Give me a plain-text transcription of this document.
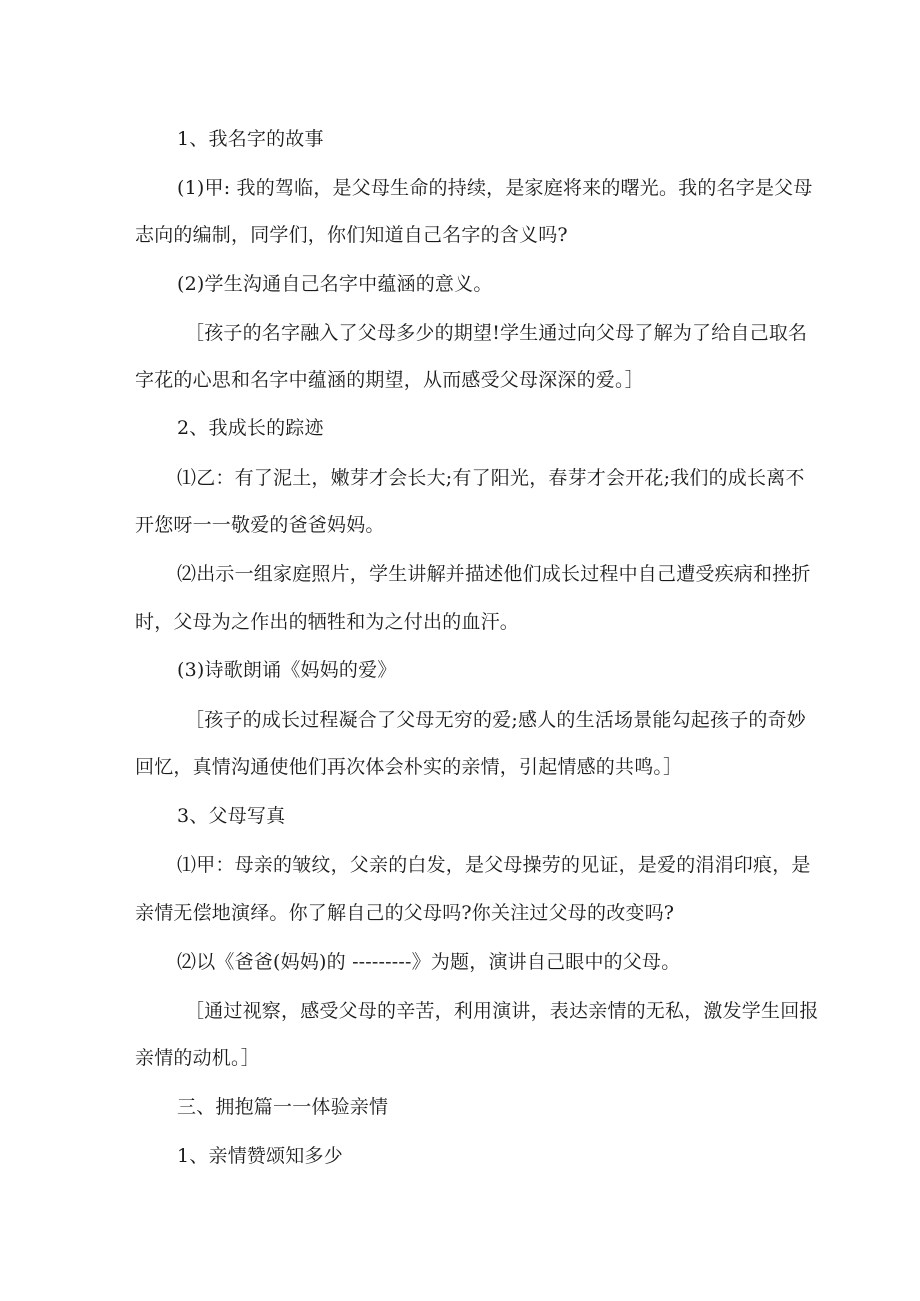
1、我名字的故事
(1)甲: 我的驾临，是父母生命的持续，是家庭将来的曙光。我的名字是父母
志向的编制，同学们，你们知道自己名字的含义吗?
(2)学生沟通自己名字中蕴涵的意义。
［孩子的名字融入了父母多少的期望!学生通过向父母了解为了给自己取名
字花的心思和名字中蕴涵的期望，从而感受父母深深的爱。］
2、我成长的踪迹
⑴乙：有了泥土，嫩芽才会长大;有了阳光，春芽才会开花;我们的成长离不
开您呀一一敬爱的爸爸妈妈。
⑵出示一组家庭照片，学生讲解并描述他们成长过程中自己遭受疾病和挫折
时，父母为之作出的牺牲和为之付出的血汗。
(3)诗歌朗诵《妈妈的爱》
［孩子的成长过程凝合了父母无穷的爱;感人的生活场景能勾起孩子的奇妙
回忆，真情沟通使他们再次体会朴实的亲情，引起情感的共鸣。］
3、父母写真
⑴甲：母亲的皱纹，父亲的白发，是父母操劳的见证，是爱的涓涓印痕，是
亲情无偿地演绎。你了解自己的父母吗?你关注过父母的改变吗?
⑵以《爸爸(妈妈)的 ---------》为题，演讲自己眼中的父母。
［通过视察，感受父母的辛苦，利用演讲，表达亲情的无私，激发学生回报
亲情的动机。］
三、拥抱篇一一体验亲情
1、亲情赞颂知多少
